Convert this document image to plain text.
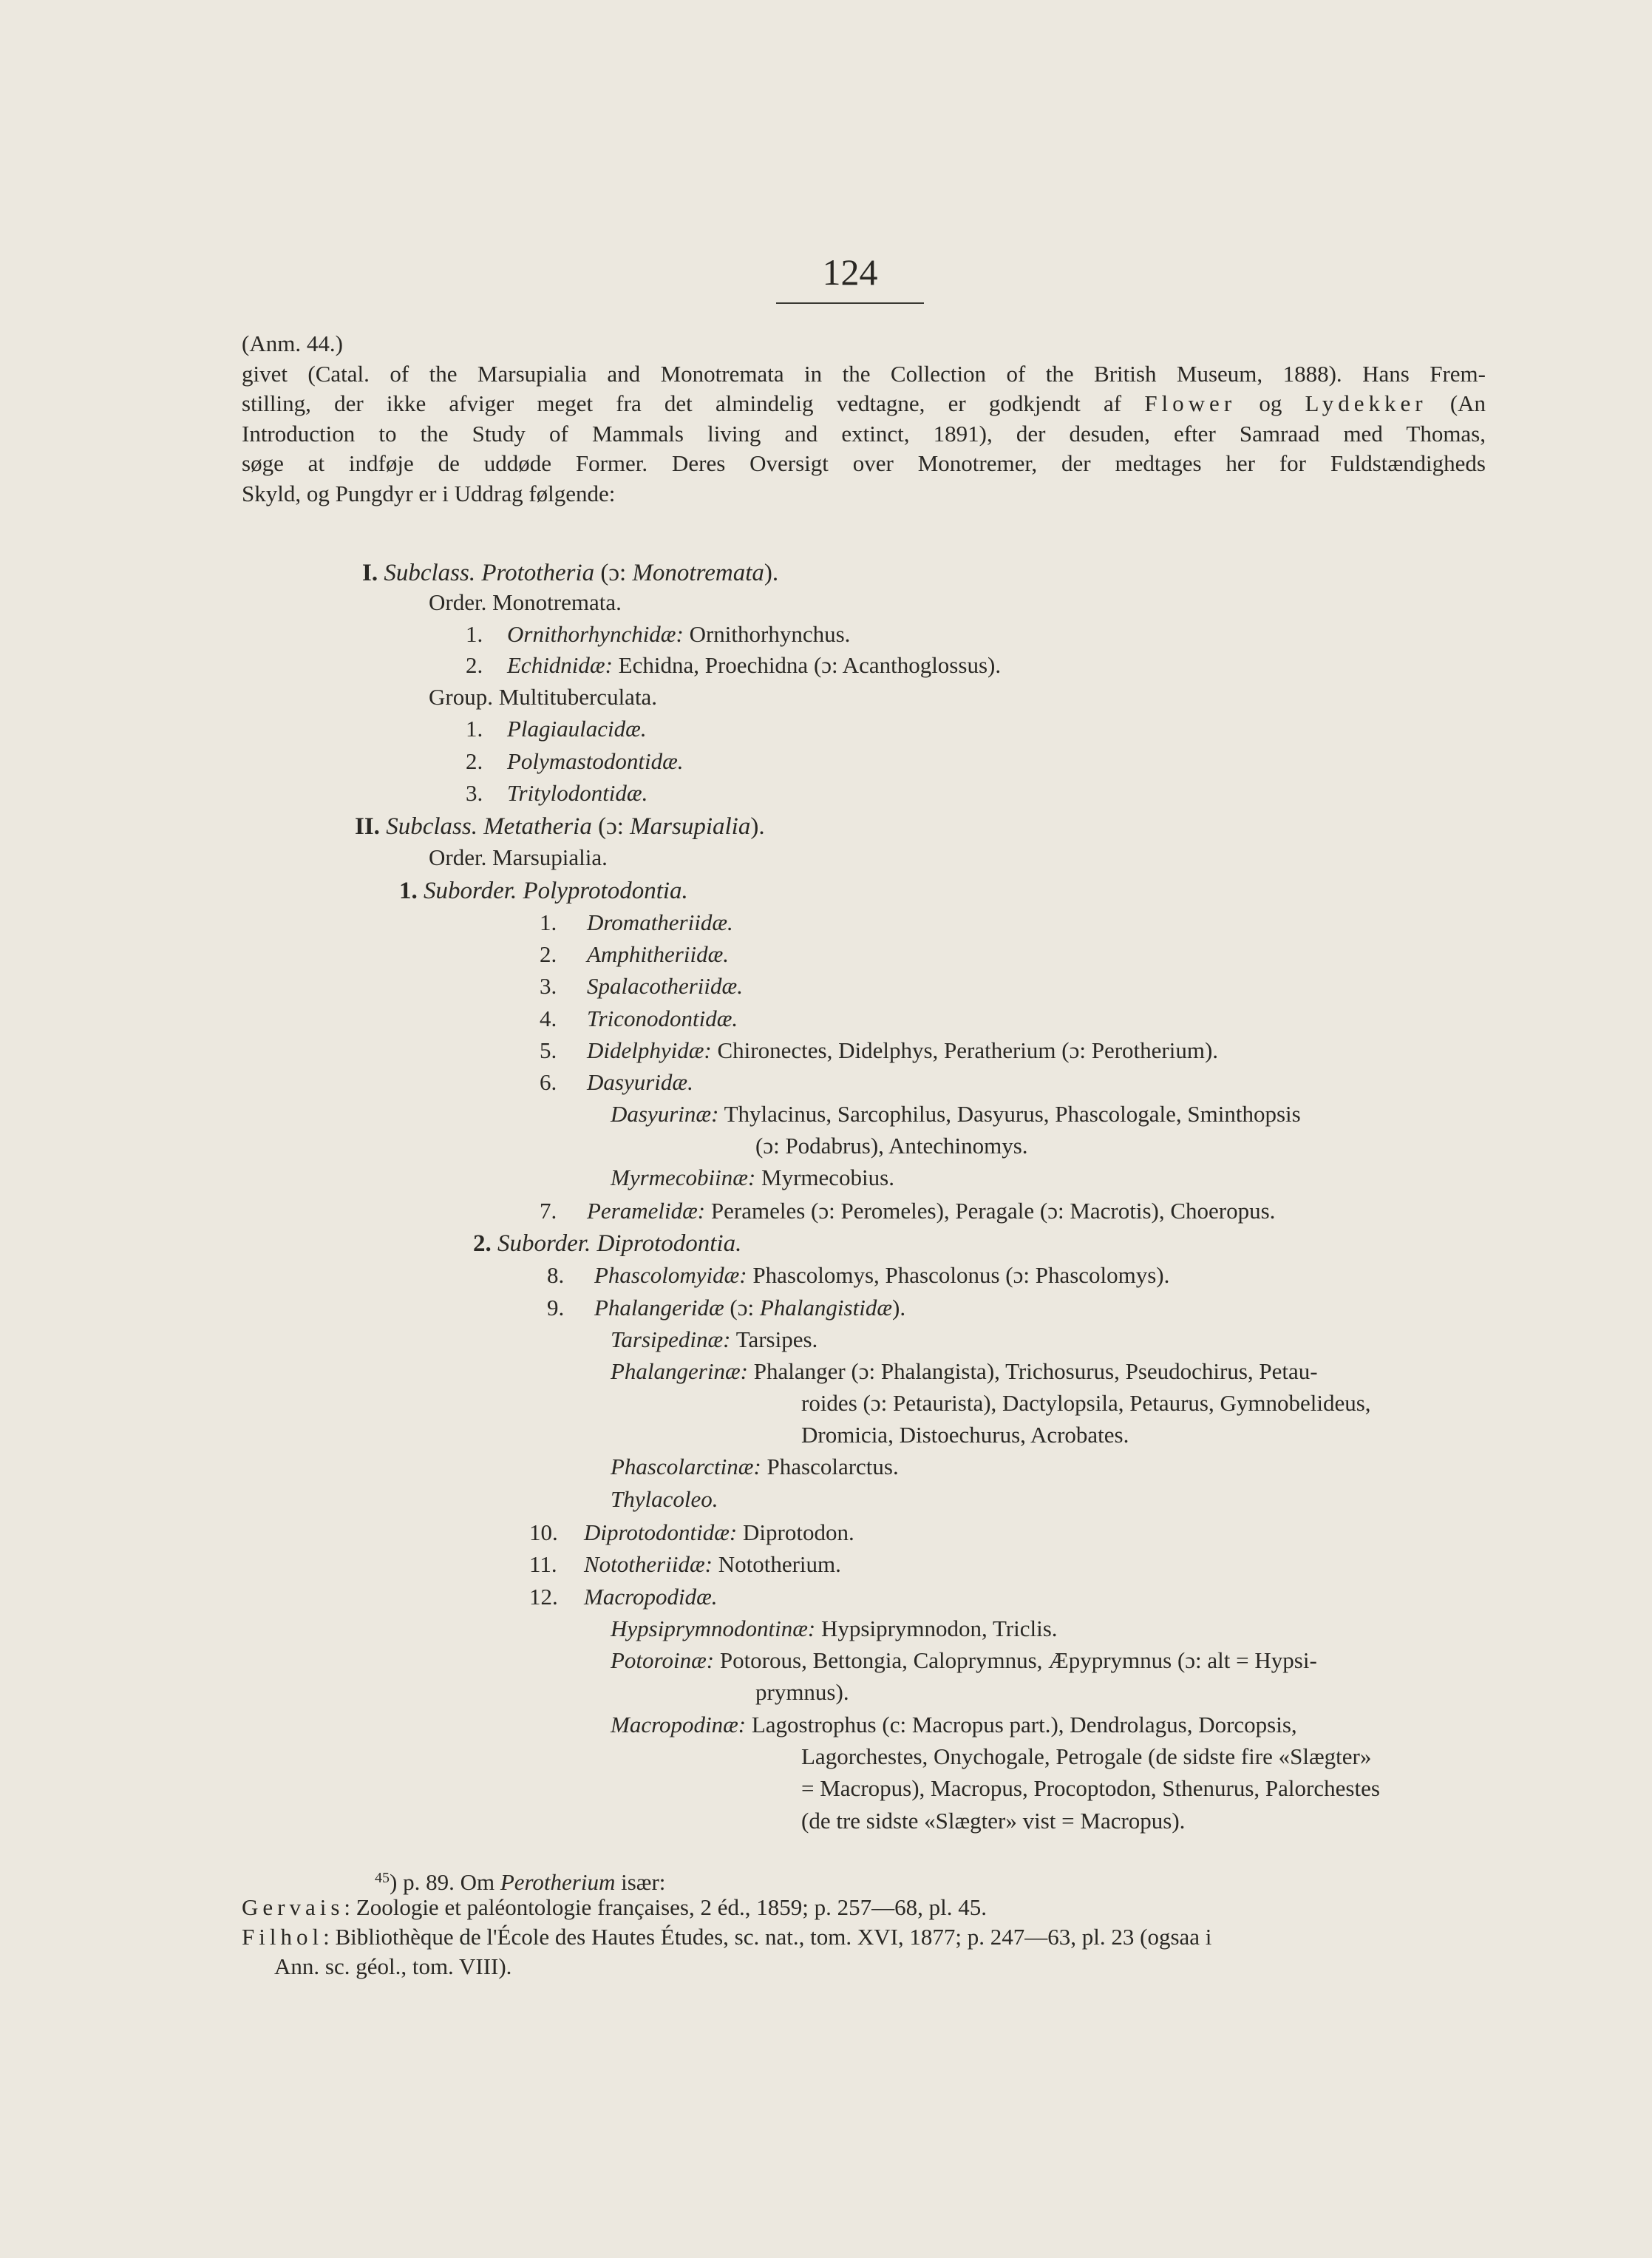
124
(Anm. 44.)
givet (Catal. of the Marsupialia and Monotremata in the Collection of the British Museum, 1888). Hans Frem-
stilling, der ikke afviger meget fra det almindelig vedtagne, er godkjendt af Flower og Lydekker (An
Introduction to the Study of Mammals living and extinct, 1891), der desuden, efter Samraad med Thomas,
søge at indføje de uddøde Former. Deres Oversigt over Monotremer, der medtages her for Fuldstændigheds
Skyld, og Pungdyr er i Uddrag følgende:
I. Subclass. Prototheria (ɔ: Monotremata).
Order. Monotremata.
1. Ornithorhynchidæ: Ornithorhynchus.
2. Echidnidæ: Echidna, Proechidna (ɔ: Acanthoglossus).
Group. Multituberculata.
1. Plagiaulacidæ.
2. Polymastodontidæ.
3. Tritylodontidæ.
II. Subclass. Metatheria (ɔ: Marsupialia).
Order. Marsupialia.
1. Suborder. Polyprotodontia.
1. Dromatheriidæ.
2. Amphitheriidæ.
3. Spalacotheriidæ.
4. Triconodontidæ.
5. Didelphyidæ: Chironectes, Didelphys, Peratherium (ɔ: Perotherium).
6. Dasyuridæ.
Dasyurinæ: Thylacinus, Sarcophilus, Dasyurus, Phascologale, Sminthopsis
(ɔ: Podabrus), Antechinomys.
Myrmecobiinæ: Myrmecobius.
7. Peramelidæ: Perameles (ɔ: Peromeles), Peragale (ɔ: Macrotis), Choeropus.
2. Suborder. Diprotodontia.
8. Phascolomyidæ: Phascolomys, Phascolonus (ɔ: Phascolomys).
9. Phalangeridæ (ɔ: Phalangistidæ).
Tarsipedinæ: Tarsipes.
Phalangerinæ: Phalanger (ɔ: Phalangista), Trichosurus, Pseudochirus, Petau-
roides (ɔ: Petaurista), Dactylopsila, Petaurus, Gymnobelideus,
Dromicia, Distoechurus, Acrobates.
Phascolarctinæ: Phascolarctus.
Thylacoleo.
10. Diprotodontidæ: Diprotodon.
11. Nototheriidæ: Nototherium.
12. Macropodidæ.
Hypsiprymnodontinæ: Hypsiprymnodon, Triclis.
Potoroinæ: Potorous, Bettongia, Caloprymnus, Æpyprymnus (ɔ: alt = Hypsi-
prymnus).
Macropodinæ: Lagostrophus (c: Macropus part.), Dendrolagus, Dorcopsis,
Lagorchestes, Onychogale, Petrogale (de sidste fire «Slægter»
= Macropus), Macropus, Procoptodon, Sthenurus, Palorchestes
(de tre sidste «Slægter» vist = Macropus).
$^{45}$) p. 89. Om Perotherium især:
Gervais: Zoologie et paléontologie françaises, 2 éd., 1859; p. 257—68, pl. 45.
Filhol: Bibliothèque de l'École des Hautes Études, sc. nat., tom. XVI, 1877; p. 247—63, pl. 23 (ogsaa i
Ann. sc. géol., tom. VIII).
